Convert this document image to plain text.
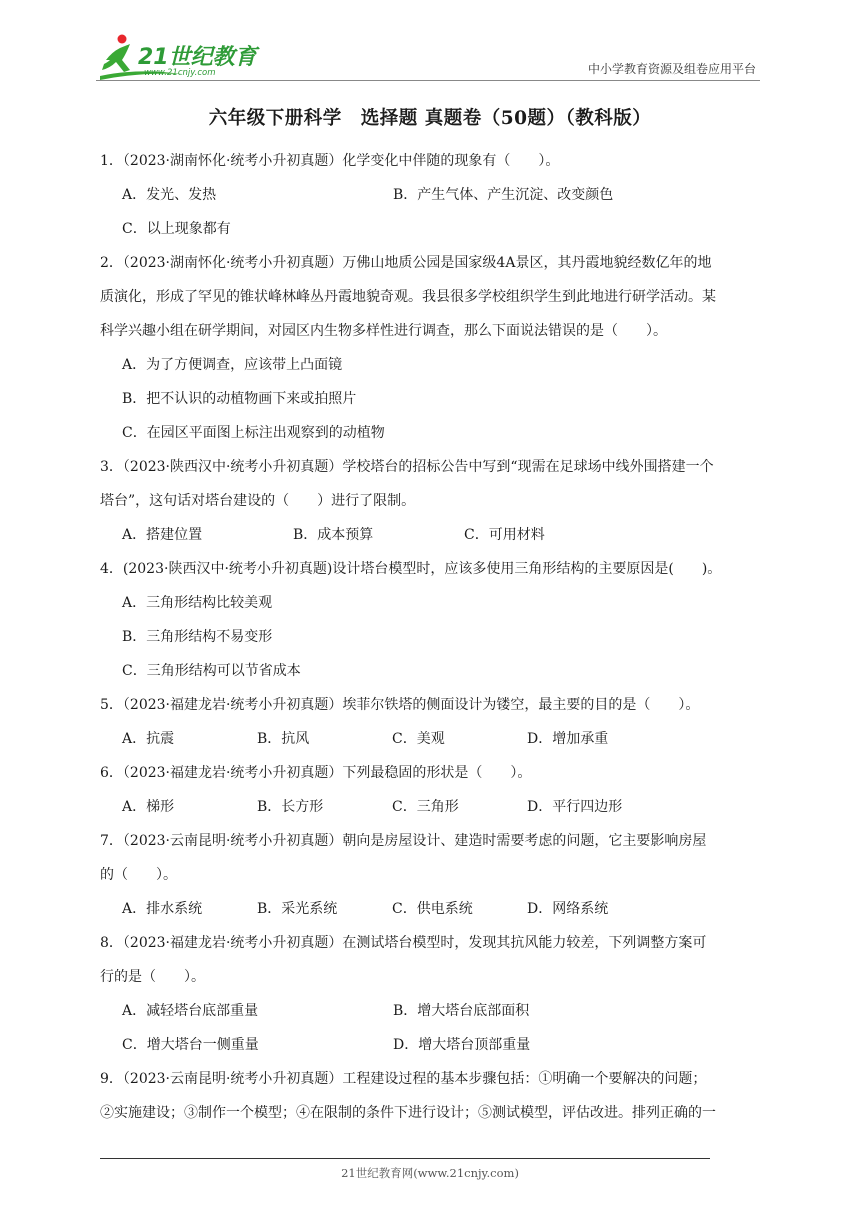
21世纪教育
www.21cnjy.com	中小学教育资源及组卷应用平台
六年级下册科学　选择题 真题卷（50题）（教科版）
1．（2023·湖南怀化·统考小升初真题）化学变化中伴随的现象有（　　）。
A．发光、发热	B．产生气体、产生沉淀、改变颜色
C．以上现象都有
2．（2023·湖南怀化·统考小升初真题）万佛山地质公园是国家级4A景区，其丹霞地貌经数亿年的地
质演化，形成了罕见的锥状峰林峰丛丹霞地貌奇观。我县很多学校组织学生到此地进行研学活动。某
科学兴趣小组在研学期间，对园区内生物多样性进行调查，那么下面说法错误的是（　　）。
A．为了方便调查，应该带上凸面镜
B．把不认识的动植物画下来或拍照片
C．在园区平面图上标注出观察到的动植物
3．（2023·陕西汉中·统考小升初真题）学校塔台的招标公告中写到“现需在足球场中线外围搭建一个
塔台”，这句话对塔台建设的（　　）进行了限制。
A．搭建位置	B．成本预算	C．可用材料
4．(2023·陕西汉中·统考小升初真题)设计塔台模型时，应该多使用三角形结构的主要原因是(　　)。
A．三角形结构比较美观
B．三角形结构不易变形
C．三角形结构可以节省成本
5．（2023·福建龙岩·统考小升初真题）埃菲尔铁塔的侧面设计为镂空，最主要的目的是（　　）。
A．抗震	B．抗风	C．美观	D．增加承重
6．（2023·福建龙岩·统考小升初真题）下列最稳固的形状是（　　）。
A．梯形	B．长方形	C．三角形	D．平行四边形
7．（2023·云南昆明·统考小升初真题）朝向是房屋设计、建造时需要考虑的问题，它主要影响房屋
的（　　）。
A．排水系统	B．采光系统	C．供电系统	D．网络系统
8．（2023·福建龙岩·统考小升初真题）在测试塔台模型时，发现其抗风能力较差，下列调整方案可
行的是（　　）。
A．减轻塔台底部重量	B．增大塔台底部面积
C．增大塔台一侧重量	D．增大塔台顶部重量
9．（2023·云南昆明·统考小升初真题）工程建设过程的基本步骤包括：①明确一个要解决的问题；
②实施建设；③制作一个模型；④在限制的条件下进行设计；⑤测试模型，评估改进。排列正确的一
21世纪教育网(www.21cnjy.com)
